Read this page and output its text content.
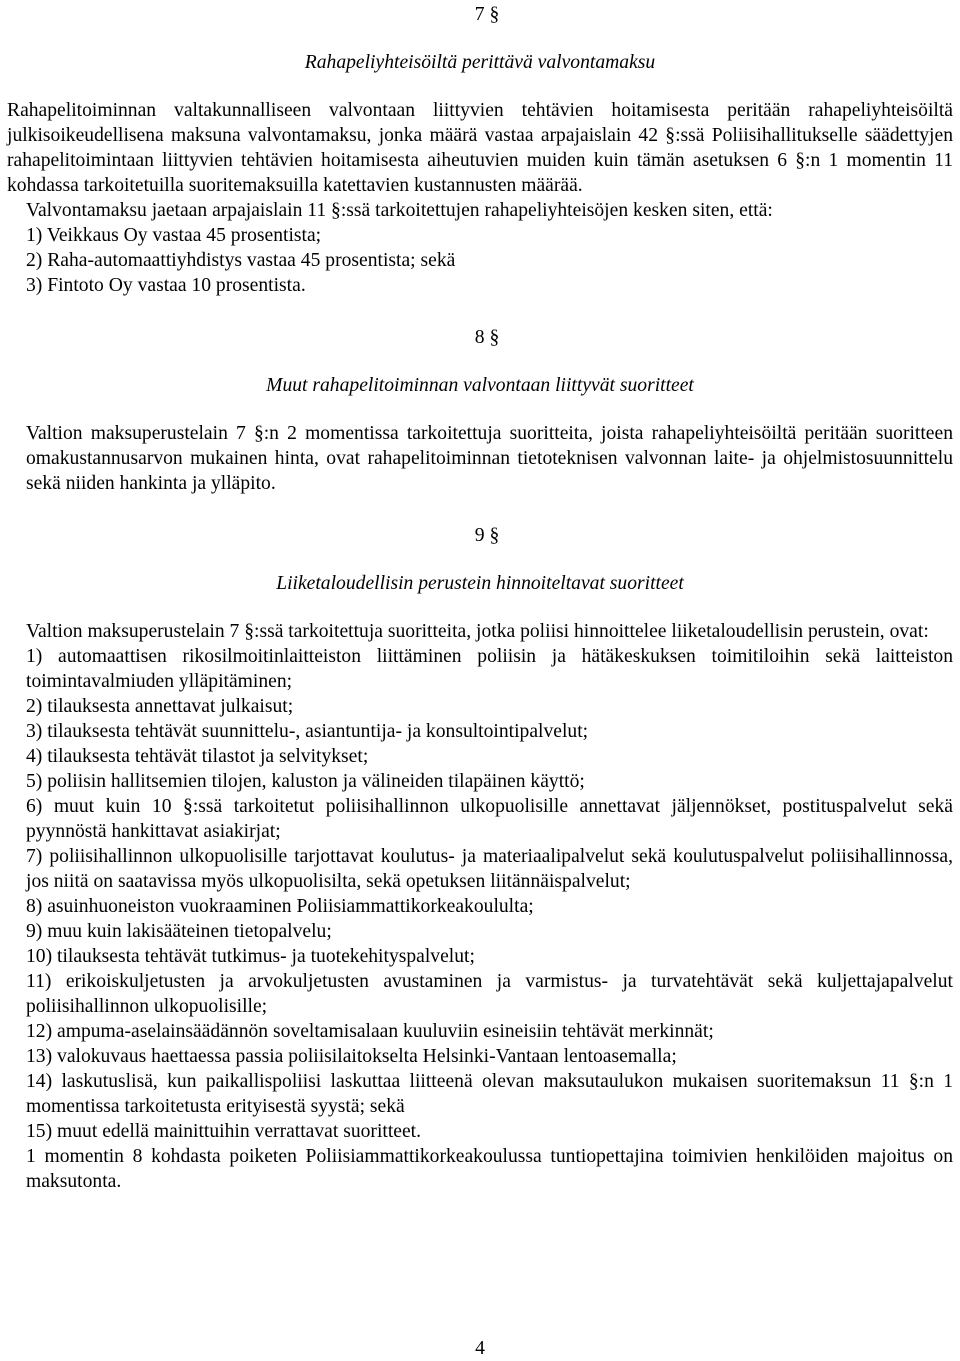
7 §
Rahapeliyhteisöiltä perittävä valvontamaksu

Rahapelitoiminnan valtakunnalliseen valvontaan liittyvien tehtävien hoitamisesta peritään rahapeliyhteisöiltä julkisoikeudellisena maksuna valvontamaksu, jonka määrä vastaa arpajaislain 42 §:ssä Poliisihallitukselle säädettyjen rahapelitoimintaan liittyvien tehtävien hoitamisesta aiheutuvien muiden kuin tämän asetuksen 6 §:n 1 momentin 11 kohdassa tarkoitetuilla suoritemaksuilla katettavien kustannusten määrää.

Valvontamaksu jaetaan arpajaislain 11 §:ssä tarkoitettujen rahapeliyhteisöjen kesken siten, että:

1) Veikkaus Oy vastaa 45 prosentista;

2) Raha-automaattiyhdistys vastaa 45 prosentista; sekä

3) Fintoto Oy vastaa 10 prosentista.

8 §
Muut rahapelitoiminnan valvontaan liittyvät suoritteet

Valtion maksuperustelain 7 §:n 2 momentissa tarkoitettuja suoritteita, joista rahapeliyhteisöiltä peritään suoritteen omakustannusarvon mukainen hinta, ovat rahapelitoiminnan tietoteknisen valvonnan laite- ja ohjelmistosuunnittelu sekä niiden hankinta ja ylläpito.

9 §
Liiketaloudellisin perustein hinnoiteltavat suoritteet

Valtion maksuperustelain 7 §:ssä tarkoitettuja suoritteita, jotka poliisi hinnoittelee liiketaloudellisin perustein, ovat:

1) automaattisen rikosilmoitinlaitteiston liittäminen poliisin ja hätäkeskuksen toimitiloihin sekä laitteiston toimintavalmiuden ylläpitäminen;

2) tilauksesta annettavat julkaisut;

3) tilauksesta tehtävät suunnittelu-, asiantuntija- ja konsultointipalvelut;

4) tilauksesta tehtävät tilastot ja selvitykset;

5) poliisin hallitsemien tilojen, kaluston ja välineiden tilapäinen käyttö;

6) muut kuin 10 §:ssä tarkoitetut poliisihallinnon ulkopuolisille annettavat jäljennökset, postituspalvelut sekä pyynnöstä hankittavat asiakirjat;

7) poliisihallinnon ulkopuolisille tarjottavat koulutus- ja materiaalipalvelut sekä koulutuspalvelut poliisihallinnossa, jos niitä on saatavissa myös ulkopuolisilta, sekä opetuksen liitännäispalvelut;

8) asuinhuoneiston vuokraaminen Poliisiammattikorkeakoululta;

9) muu kuin lakisääteinen tietopalvelu;

10) tilauksesta tehtävät tutkimus- ja tuotekehityspalvelut;

11) erikoiskuljetusten ja arvokuljetusten avustaminen ja varmistus- ja turvatehtävät sekä kuljettajapalvelut poliisihallinnon ulkopuolisille;

12) ampuma-aselainsäädännön soveltamisalaan kuuluviin esineisiin tehtävät merkinnät;

13) valokuvaus haettaessa passia poliisilaitokselta Helsinki-Vantaan lentoasemalla;

14) laskutuslisä, kun paikallispoliisi laskuttaa liitteenä olevan maksutaulukon mukaisen suoritemaksun 11 §:n 1 momentissa tarkoitetusta erityisestä syystä; sekä

15) muut edellä mainittuihin verrattavat suoritteet.

1 momentin 8 kohdasta poiketen Poliisiammattikorkeakoulussa tuntiopettajina toimivien henkilöiden majoitus on maksutonta.

4
